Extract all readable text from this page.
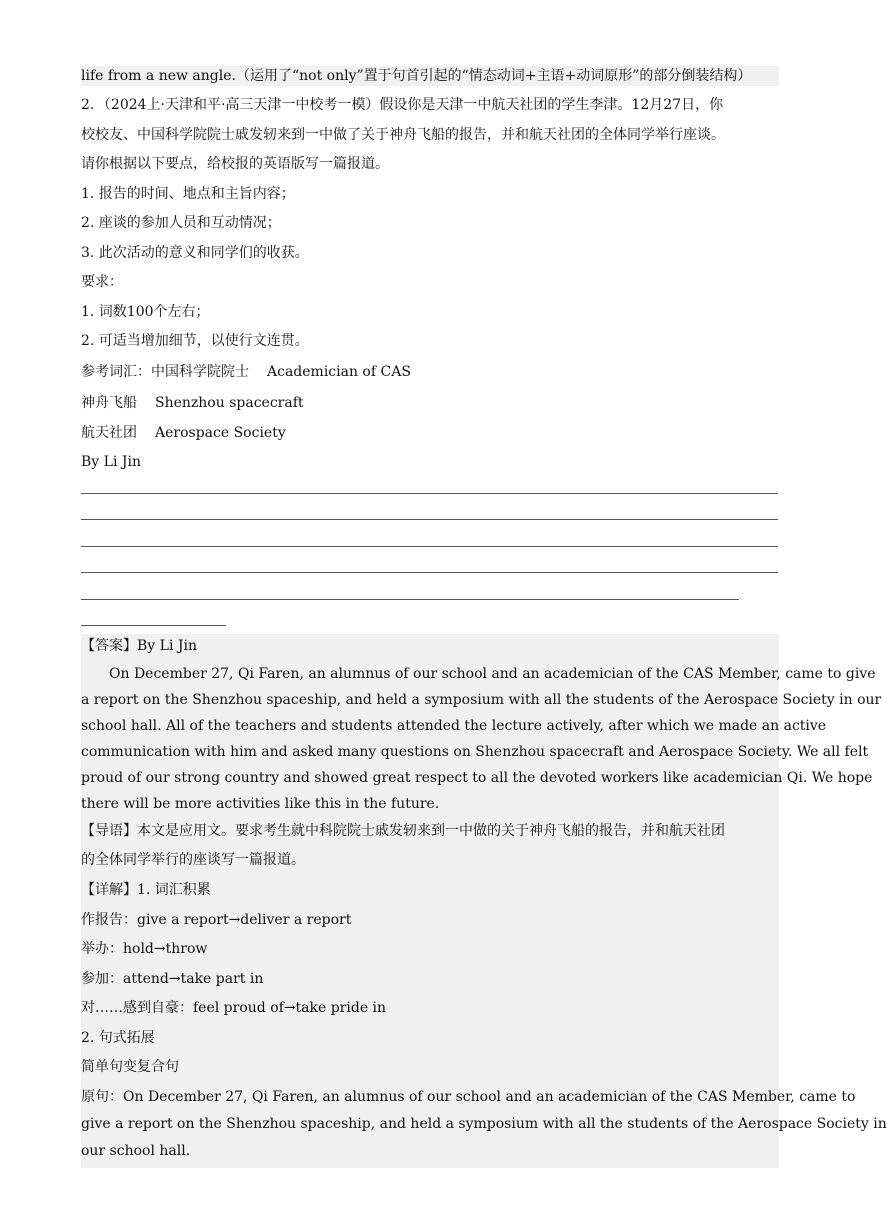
life from a new angle.（运用了“not only”置于句首引起的“情态动词+主语+动词原形”的部分倒装结构）
2．（2024上·天津和平·高三天津一中校考一模）假设你是天津一中航天社团的学生李津。12月27日，你
校校友、中国科学院院士戚发轫来到一中做了关于神舟飞船的报告，并和航天社团的全体同学举行座谈。
请你根据以下要点，给校报的英语版写一篇报道。
1. 报告的时间、地点和主旨内容；
2. 座谈的参加人员和互动情况；
3. 此次活动的意义和同学们的收获。
要求：
1. 词数100个左右；
2. 可适当增加细节，以使行文连贯。
参考词汇：中国科学院院士 Academician of CAS
神舟飞船 Shenzhou spacecraft
航天社团 Aerospace Society
By Li Jin
.
【答案】By Li Jin
On December 27, Qi Faren, an alumnus of our school and an academician of the CAS Member, came to give
a report on the Shenzhou spaceship, and held a symposium with all the students of the Aerospace Society in our
school hall. All of the teachers and students attended the lecture actively, after which we made an active
communication with him and asked many questions on Shenzhou spacecraft and Aerospace Society. We all felt
proud of our strong country and showed great respect to all the devoted workers like academician Qi. We hope
there will be more activities like this in the future.
【导语】本文是应用文。要求考生就中科院院士戚发轫来到一中做的关于神舟飞船的报告，并和航天社团
的全体同学举行的座谈写一篇报道。
【详解】1. 词汇积累
作报告：give a report→deliver a report
举办：hold→throw
参加：attend→take part in
对……感到自豪：feel proud of→take pride in
2. 句式拓展
简单句变复合句
原句：On December 27, Qi Faren, an alumnus of our school and an academician of the CAS Member, came to
give a report on the Shenzhou spaceship, and held a symposium with all the students of the Aerospace Society in
our school hall.
